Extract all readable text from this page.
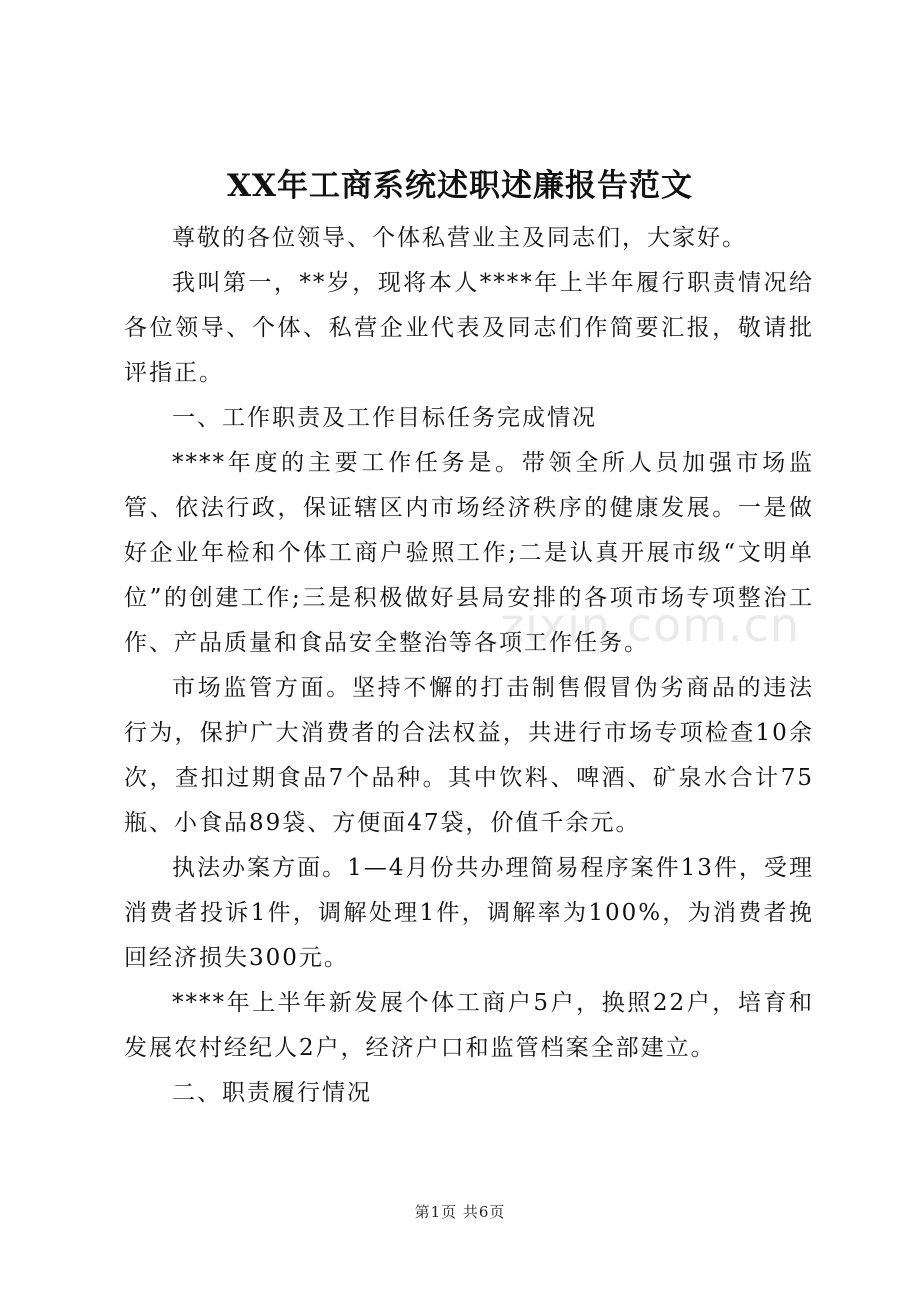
XX年工商系统述职述廉报告范文

尊敬的各位领导、个体私营业主及同志们，大家好。

我叫第一，**岁，现将本人****年上半年履行职责情况给各位领导、个体、私营企业代表及同志们作简要汇报，敬请批评指正。

一、工作职责及工作目标任务完成情况

****年度的主要工作任务是。带领全所人员加强市场监管、依法行政，保证辖区内市场经济秩序的健康发展。一是做好企业年检和个体工商户验照工作;二是认真开展市级“文明单位”的创建工作;三是积极做好县局安排的各项市场专项整治工作、产品质量和食品安全整治等各项工作任务。

市场监管方面。坚持不懈的打击制售假冒伪劣商品的违法行为，保护广大消费者的合法权益，共进行市场专项检查10余次，查扣过期食品7个品种。其中饮料、啤酒、矿泉水合计75瓶、小食品89袋、方便面47袋，价值千余元。

执法办案方面。1—4月份共办理简易程序案件13件，受理消费者投诉1件，调解处理1件，调解率为100%，为消费者挽回经济损失300元。

****年上半年新发展个体工商户5户，换照22户，培育和发展农村经纪人2户，经济户口和监管档案全部建立。

二、职责履行情况

zixin.com.cn
第1页 共6页
